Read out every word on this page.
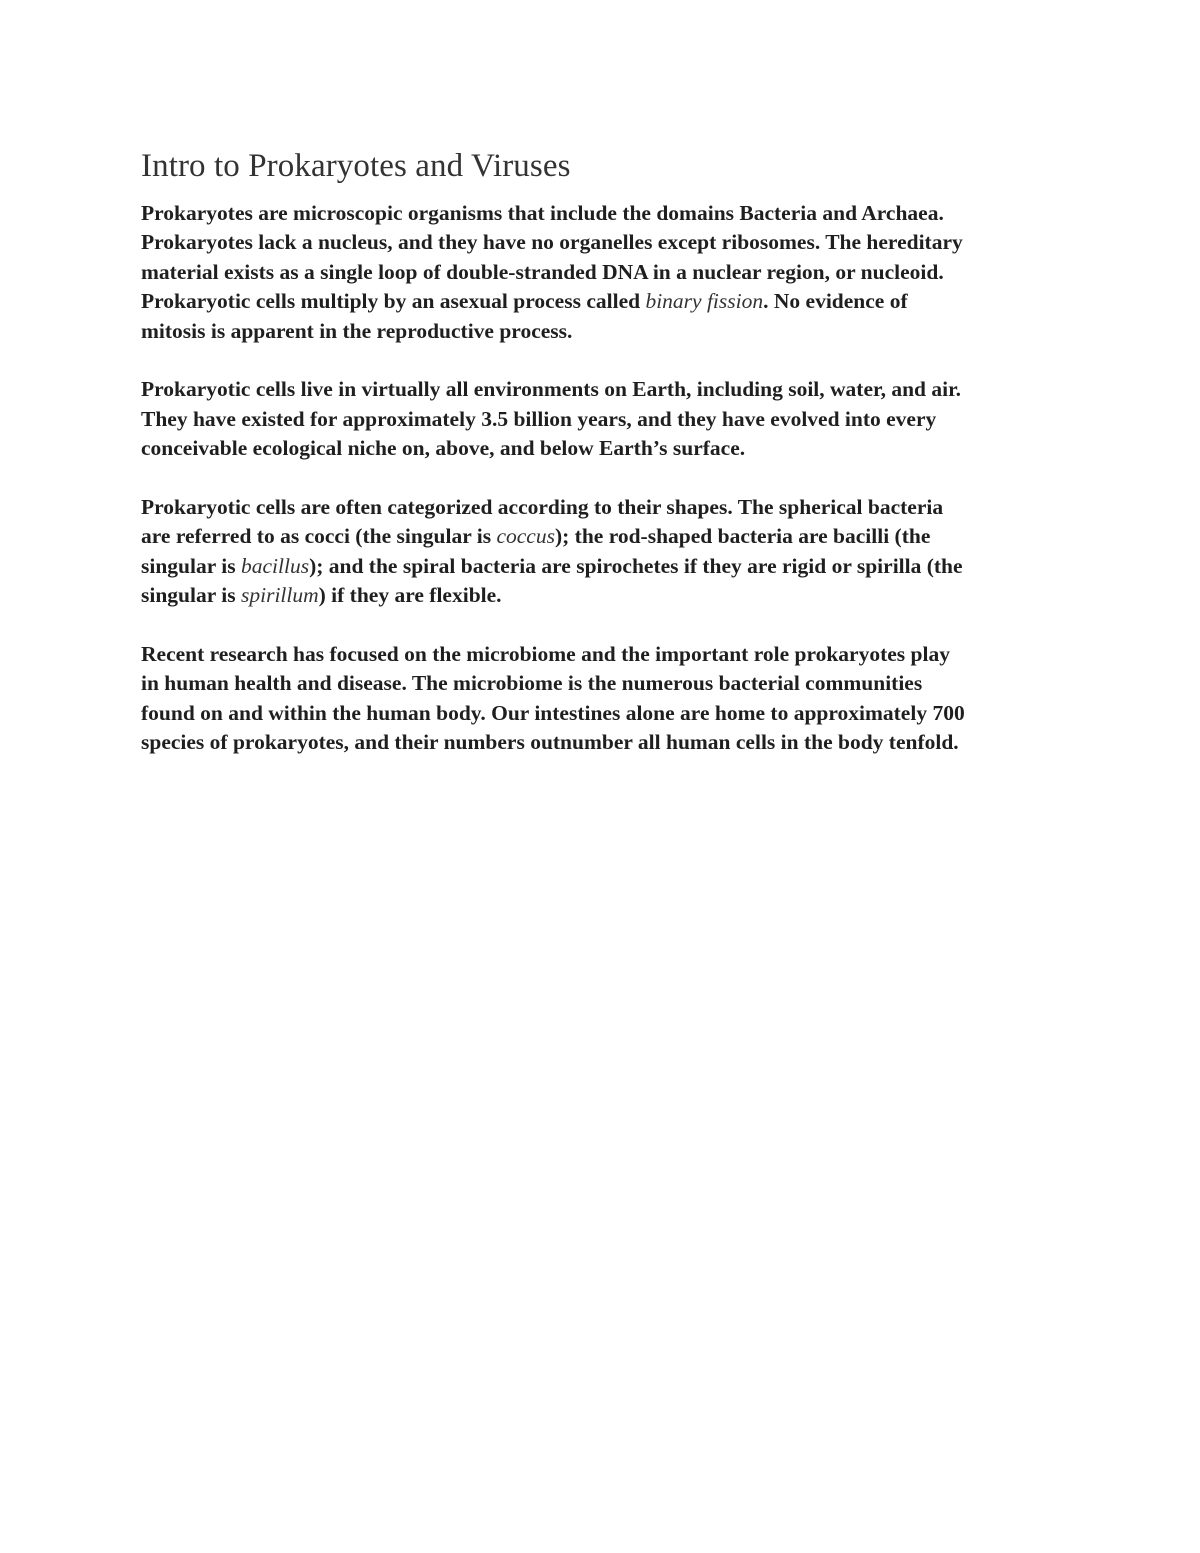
Intro to Prokaryotes and Viruses

Prokaryotes are microscopic organisms that include the domains Bacteria and Archaea.
Prokaryotes lack a nucleus, and they have no organelles except ribosomes. The hereditary
material exists as a single loop of double-stranded DNA in a nuclear region, or nucleoid.
Prokaryotic cells multiply by an asexual process called binary fission. No evidence of
mitosis is apparent in the reproductive process.

Prokaryotic cells live in virtually all environments on Earth, including soil, water, and air.
They have existed for approximately 3.5 billion years, and they have evolved into every
conceivable ecological niche on, above, and below Earth’s surface.

Prokaryotic cells are often categorized according to their shapes. The spherical bacteria
are referred to as cocci (the singular is coccus); the rod-shaped bacteria are bacilli (the
singular is bacillus); and the spiral bacteria are spirochetes if they are rigid or spirilla (the
singular is spirillum) if they are flexible.

Recent research has focused on the microbiome and the important role prokaryotes play
in human health and disease. The microbiome is the numerous bacterial communities
found on and within the human body. Our intestines alone are home to approximately 700
species of prokaryotes, and their numbers outnumber all human cells in the body tenfold.
